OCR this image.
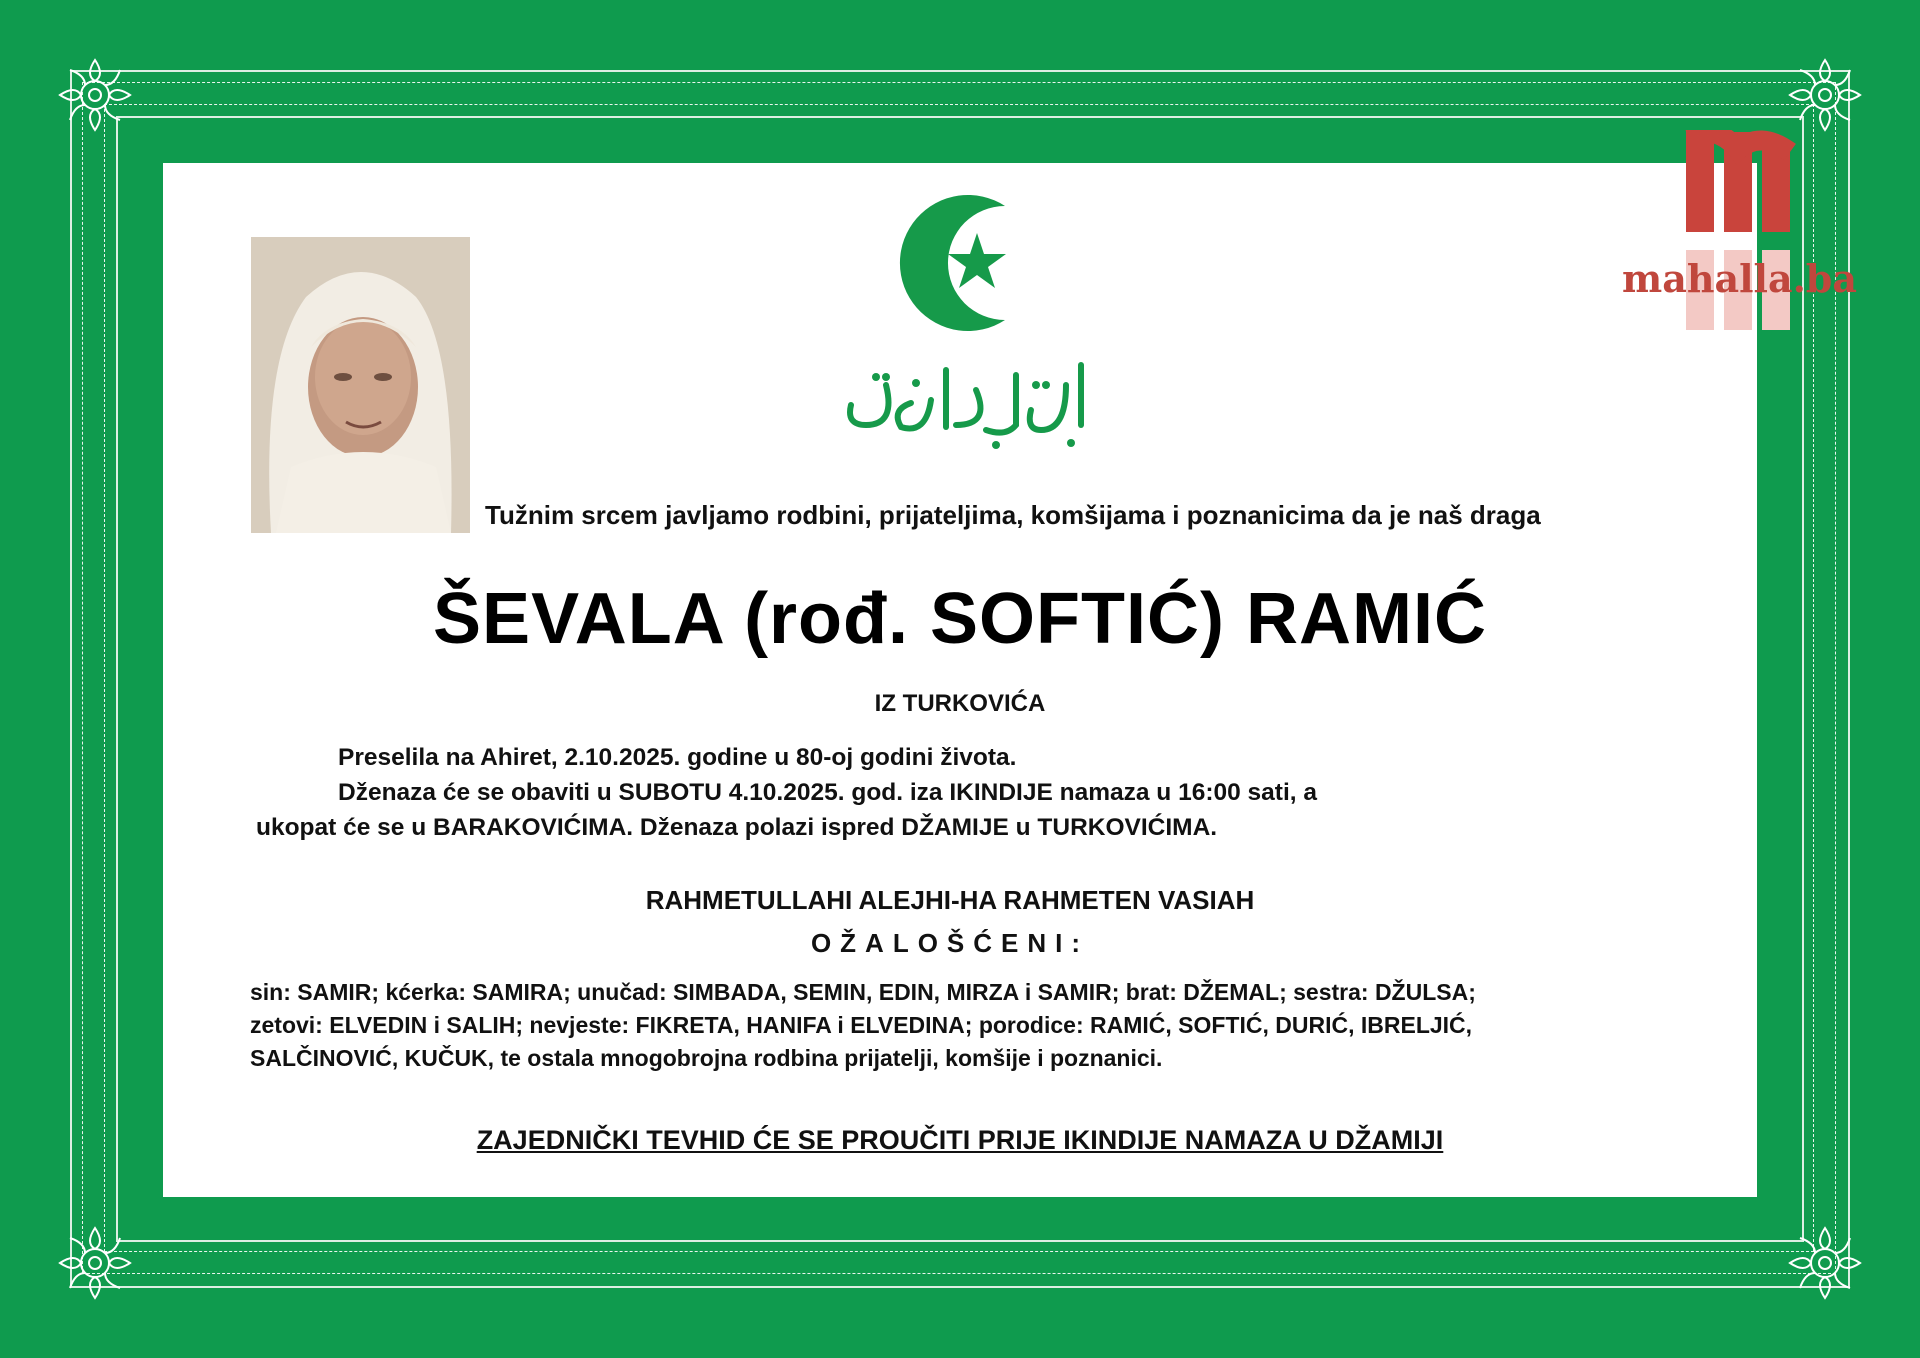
mahalla.ba
Tužnim srcem javljamo rodbini, prijateljima, komšijama i poznanicima da je naš draga
ŠEVALA (rođ. SOFTIĆ) RAMIĆ
IZ TURKOVIĆA
Preselila na Ahiret, 2.10.2025. godine u 80-oj godini života.
Dženaza će se obaviti u SUBOTU 4.10.2025. god. iza IKINDIJE namaza u 16:00 sati, a
ukopat će se u BARAKOVIĆIMA. Dženaza polazi ispred DŽAMIJE u TURKOVIĆIMA.
RAHMETULLAHI ALEJHI-HA RAHMETEN VASIAH
OŽALOŠĆENI:
sin: SAMIR; kćerka: SAMIRA; unučad: SIMBADA, SEMIN, EDIN, MIRZA i SAMIR; brat: DŽEMAL; sestra: DŽULSA;
zetovi: ELVEDIN i SALIH; nevjeste: FIKRETA, HANIFA i ELVEDINA; porodice: RAMIĆ, SOFTIĆ, DURIĆ, IBRELJIĆ,
SALČINOVIĆ, KUČUK, te ostala mnogobrojna rodbina prijatelji, komšije i poznanici.
ZAJEDNIČKI TEVHID ĆE SE PROUČITI PRIJE IKINDIJE NAMAZA U DŽAMIJI
